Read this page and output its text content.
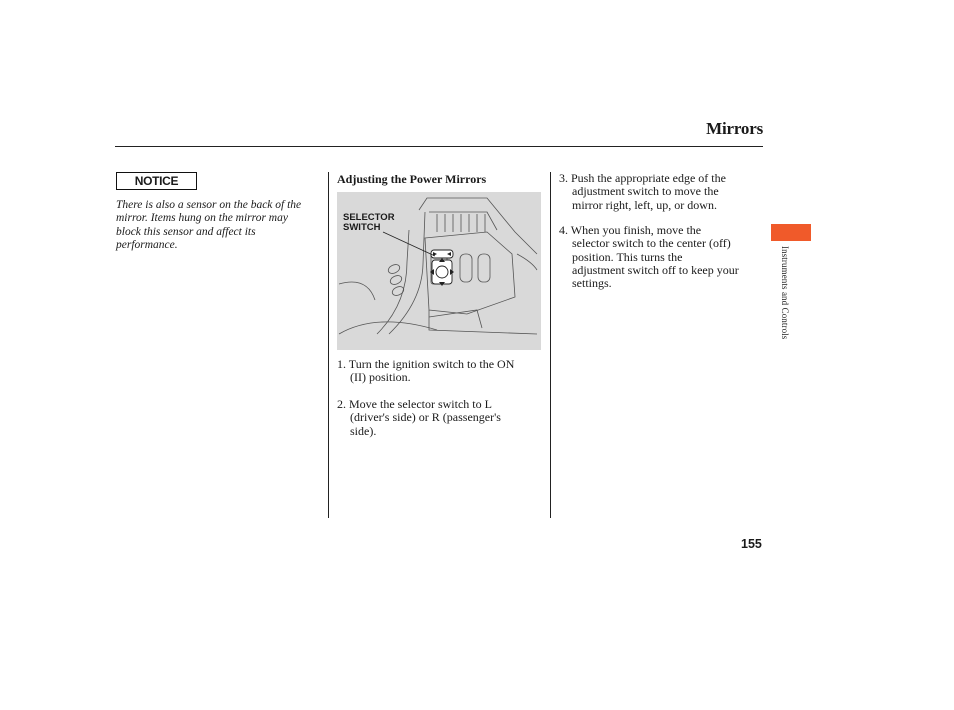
Mirrors
NOTICE
There is also a sensor on the back of the mirror. Items hung on the mirror may block this sensor and affect its performance.
Adjusting the Power Mirrors
SELECTOR
SWITCH
1. Turn the ignition switch to the ON
(II) position.
2. Move the selector switch to L
(driver's side) or R (passenger's
side).
3. Push the appropriate edge of the
adjustment switch to move the
mirror right, left, up, or down.
4. When you finish, move the
selector switch to the center (off)
position. This turns the
adjustment switch off to keep your
settings.	Instruments and Controls
155
